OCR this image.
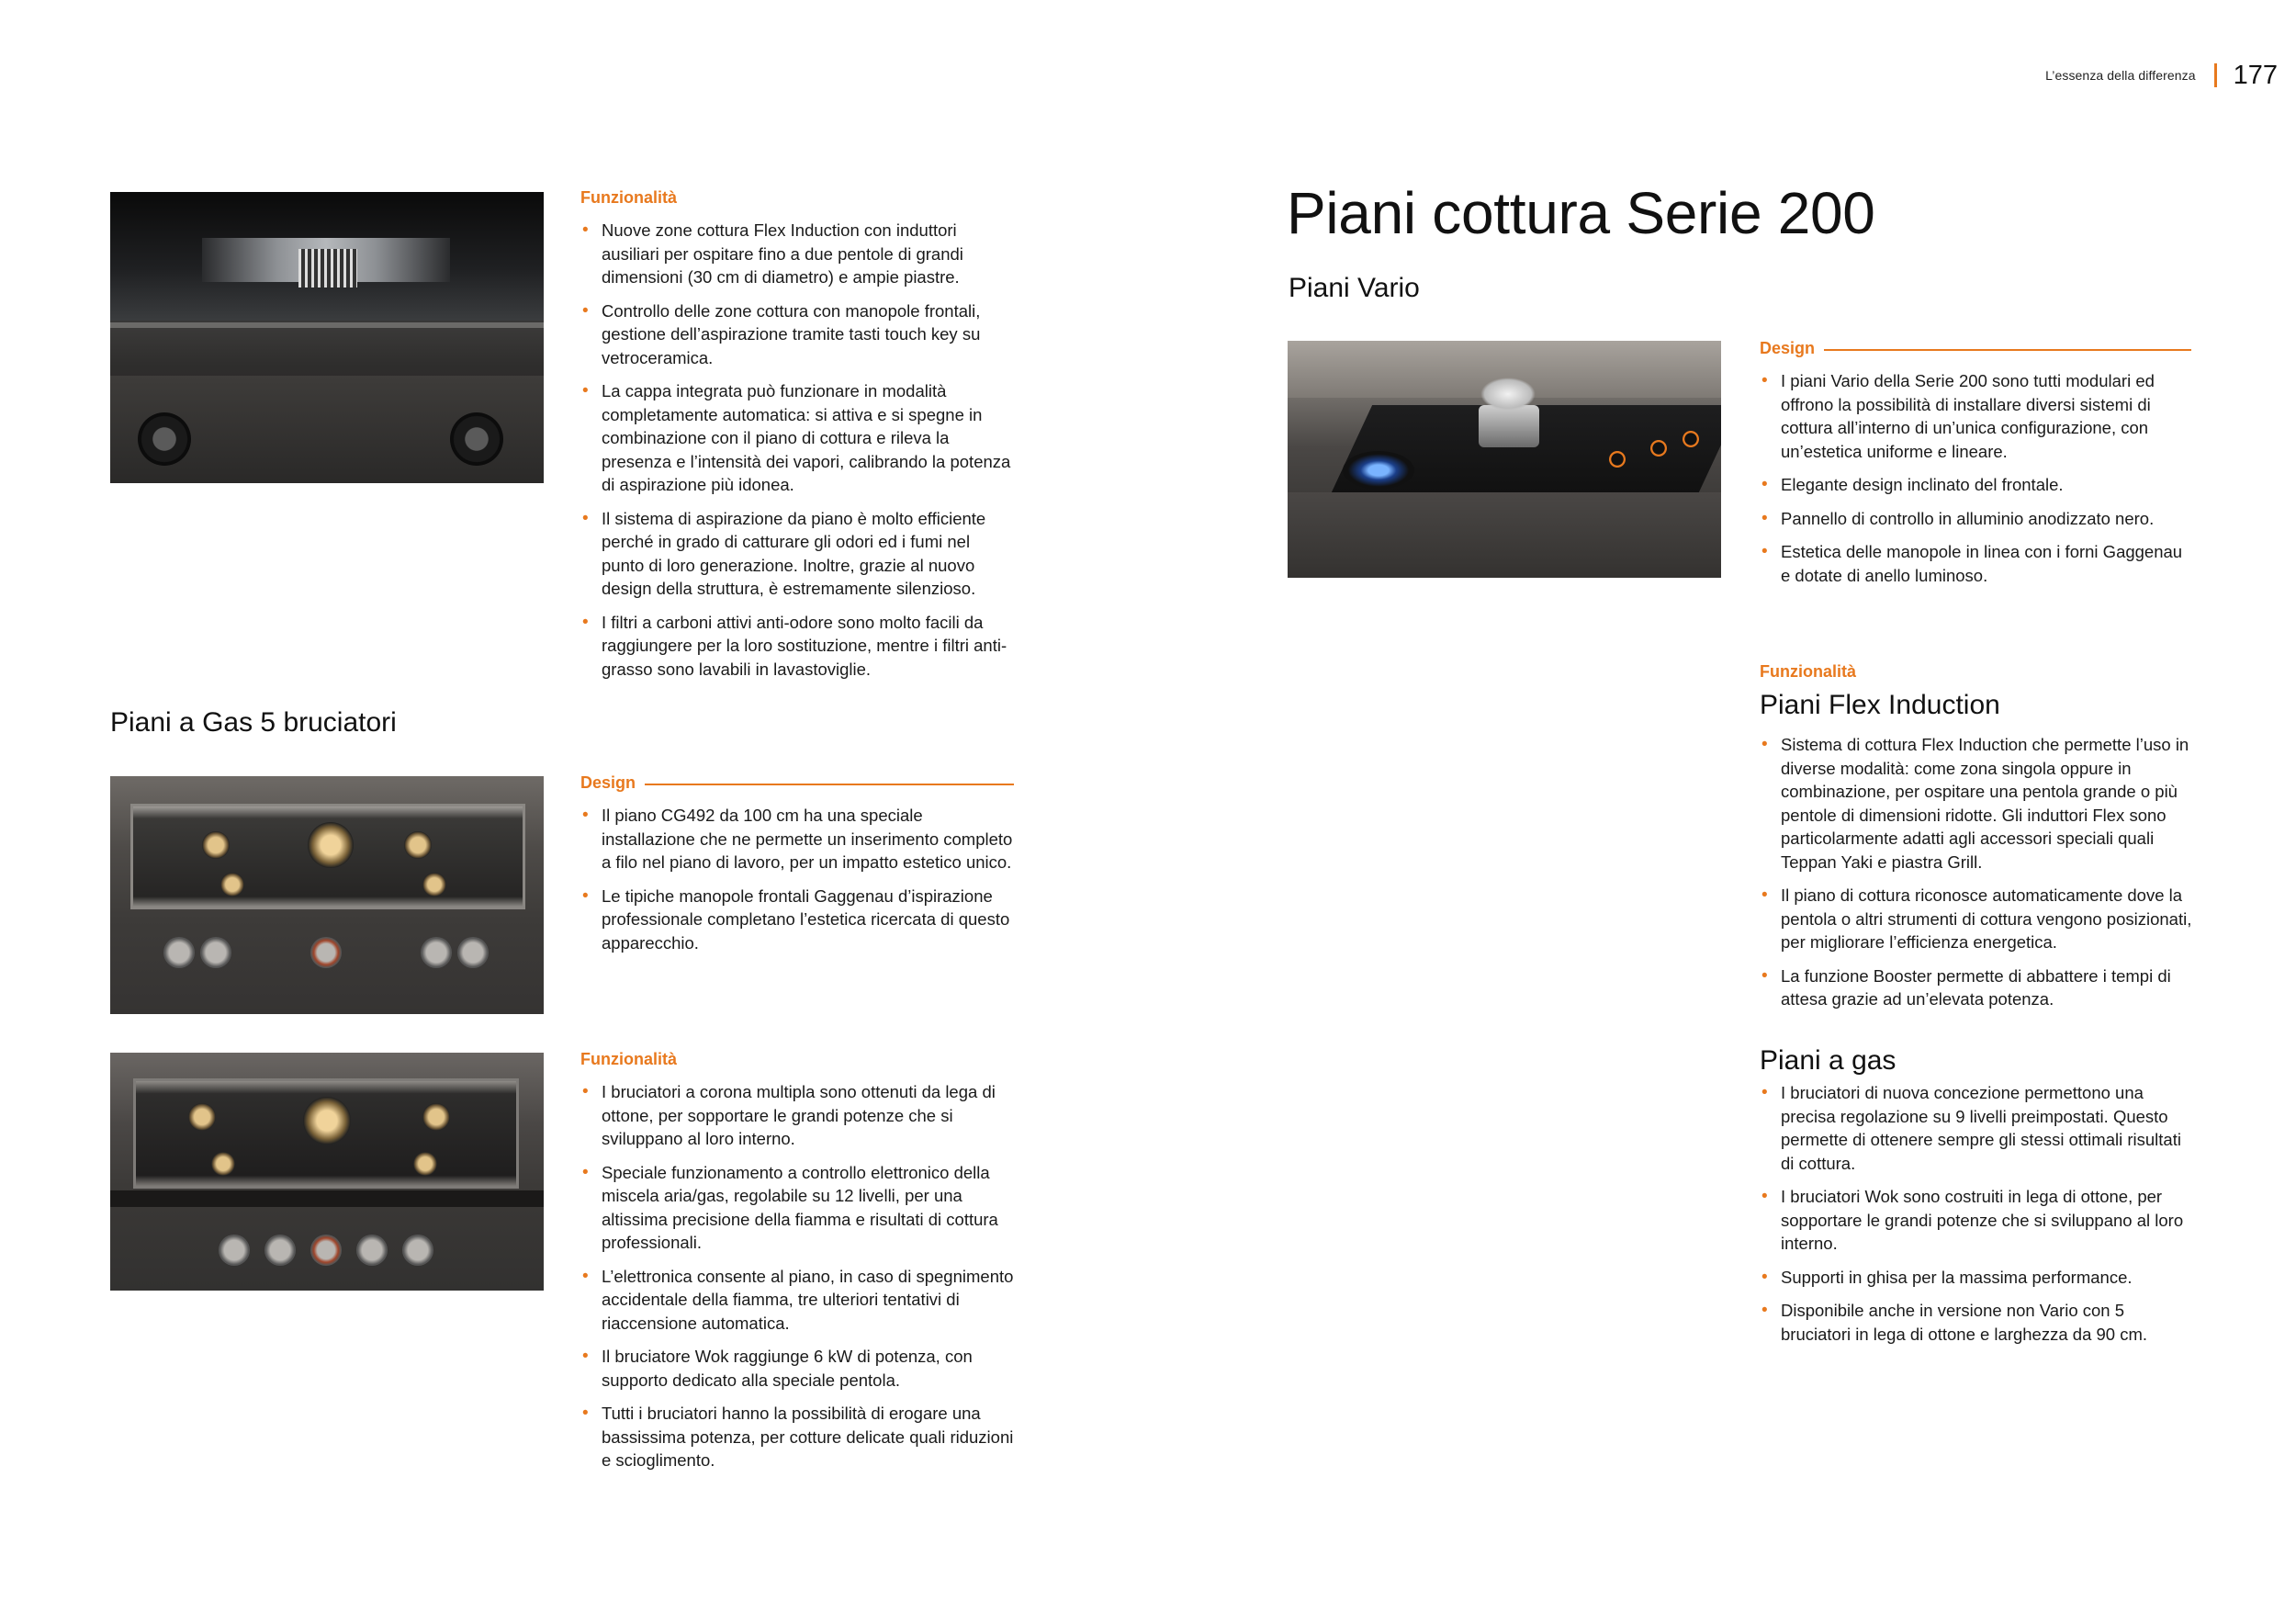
L’essenza della differenza 177
Funzionalità
• Nuove zone cottura Flex Induction con induttori ausiliari per ospitare fino a due pentole di grandi dimensioni (30 cm di diametro) e ampie piastre.
• Controllo delle zone cottura con manopole frontali, gestione dell’aspirazione tramite tasti touch key su vetroceramica.
• La cappa integrata può funzionare in modalità completamente automatica: si attiva e si spegne in combinazione con il piano di cottura e rileva la presenza e l’intensità dei vapori, calibrando la potenza di aspirazione più idonea.
• Il sistema di aspirazione da piano è molto efficiente perché in grado di catturare gli odori ed i fumi nel punto di loro generazione. Inoltre, grazie al nuovo design della struttura, è estremamente silenzioso.
• I filtri a carboni attivi anti-odore sono molto facili da raggiungere per la loro sostituzione, mentre i filtri anti-grasso sono lavabili in lavastoviglie.
Piani a Gas 5 bruciatori
Design
• Il piano CG492 da 100 cm ha una speciale installazione che ne permette un inserimento completo a filo nel piano di lavoro, per un impatto estetico unico.
• Le tipiche manopole frontali Gaggenau d’ispirazione professionale completano l’estetica ricercata di questo apparecchio.
Funzionalità
• I bruciatori a corona multipla sono ottenuti da lega di ottone, per sopportare le grandi potenze che si sviluppano al loro interno.
• Speciale funzionamento a controllo elettronico della miscela aria/gas, regolabile su 12 livelli, per una altissima precisione della fiamma e risultati di cottura professionali.
• L’elettronica consente al piano, in caso di spegnimento accidentale della fiamma, tre ulteriori tentativi di riaccensione automatica.
• Il bruciatore Wok raggiunge 6 kW di potenza, con supporto dedicato alla speciale pentola.
• Tutti i bruciatori hanno la possibilità di erogare una bassissima potenza, per cotture delicate quali riduzioni e scioglimento.
Piani cottura Serie 200
Piani Vario
Design
• I piani Vario della Serie 200 sono tutti modulari ed offrono la possibilità di installare diversi sistemi di cottura all’interno di un’unica configurazione, con un’estetica uniforme e lineare.
• Elegante design inclinato del frontale.
• Pannello di controllo in alluminio anodizzato nero.
• Estetica delle manopole in linea con i forni Gaggenau e dotate di anello luminoso.
Funzionalità
Piani Flex Induction
• Sistema di cottura Flex Induction che permette l’uso in diverse modalità: come zona singola oppure in combinazione, per ospitare una pentola grande o più pentole di dimensioni ridotte. Gli induttori Flex sono particolarmente adatti agli accessori speciali quali Teppan Yaki e piastra Grill.
• Il piano di cottura riconosce automaticamente dove la pentola o altri strumenti di cottura vengono posizionati, per migliorare l’efficienza energetica.
• La funzione Booster permette di abbattere i tempi di attesa grazie ad un’elevata potenza.
Piani a gas
• I bruciatori di nuova concezione permettono una precisa regolazione su 9 livelli preimpostati. Questo permette di ottenere sempre gli stessi ottimali risultati di cottura.
• I bruciatori Wok sono costruiti in lega di ottone, per sopportare le grandi potenze che si sviluppano al loro interno.
• Supporti in ghisa per la massima performance.
• Disponibile anche in versione non Vario con 5 bruciatori in lega di ottone e larghezza da 90 cm.
